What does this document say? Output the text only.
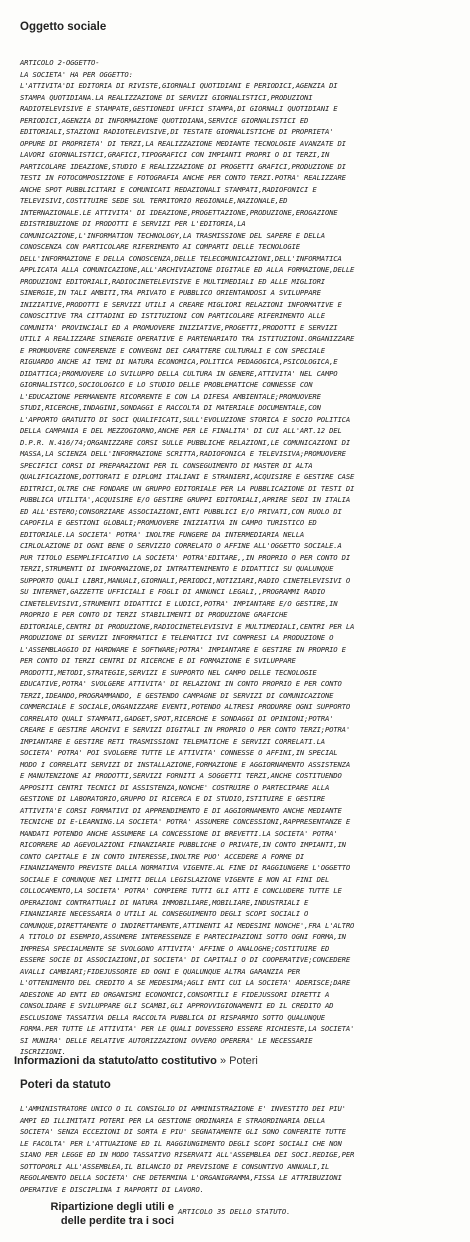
Oggetto sociale

ARTICOLO 2-OGGETTO-
LA SOCIETA' HA PER OGGETTO:
L'ATTIVITA'DI EDITORIA DI RIVISTE,GIORNALI QUOTIDIANI E PERIODICI,AGENZIA DI
STAMPA QUOTIDIANA.LA REALIZZAZIONE DI SERVIZI GIORNALISTICI,PRODUZIONI
RADIOTELEVISIVE E STAMPATE,GESTIONEDI UFFICI STAMPA,DI GIORNALI QUOTIDIANI E
PERIODICI,AGENZIA DI INFORMAZIONE QUOTIDIANA,SERVICE GIORNALISTICI ED
EDITORIALI,STAZIONI RADIOTELEVISIVE,DI TESTATE GIORNALISTICHE DI PROPRIETA'
OPPURE DI PROPRIETA' DI TERZI,LA REALIZZAZIONE MEDIANTE TECNOLOGIE AVANZATE DI
LAVORI GIORNALISTICI,GRAFICI,TIPOGRAFICI CON IMPIANTI PROPRI O DI TERZI,IN
PARTICOLARE IDEAZIONE,STUDIO E REALIZZAZIONE DI PROGETTI GRAFICI,PRODUZIONE DI
TESTI IN FOTOCOMPOSIZIONE E FOTOGRAFIA ANCHE PER CONTO TERZI.POTRA' REALIZZARE
ANCHE SPOT PUBBLICITARI E COMUNICATI REDAZIONALI STAMPATI,RADIOFONICI E
TELEVISIVI,COSTITUIRE SEDE SUL TERRITORIO REGIONALE,NAZIONALE,ED
INTERNAZIONALE.LE ATTIVITA' DI IDEAZIONE,PROGETTAZIONE,PRODUZIONE,EROGAZIONE
EDISTRIBUZIONE DI PRODOTTI E SERVIZI PER L'EDITORIA,LA
COMUNICAZIONE,L'INFORMATION TECHNOLOGY,LA TRASMISSIONE DEL SAPERE E DELLA
CONOSCENZA CON PARTICOLARE RIFERIMENTO AI COMPARTI DELLE TECNOLOGIE
DELL'INFORMAZIONE E DELLA CONOSCENZA,DELLE TELECOMUNICAZIONI,DELL'INFORMATICA
APPLICATA ALLA COMUNICAZIONE,ALL'ARCHIVIAZIONE DIGITALE ED ALLA FORMAZIONE,DELLE
PRODUZIONI EDITORIALI,RADIOCINETELEVISIVE E MULTIMEDIALI ED ALLE MIGLIORI
SINERGIE,IN TALI AMBITI,TRA PRIVATO E PUBBLICO ORIENTANDOSI A SVILUPPARE
INIZIATIVE,PRODOTTI E SERVIZI UTILI A CREARE MIGLIORI RELAZIONI INFORMATIVE E
CONOSCITIVE TRA CITTADINI ED ISTITUZIONI CON PARTICOLARE RIFERIMENTO ALLE
COMUNITA' PROVINCIALI ED A PROMUOVERE INIZIATIVE,PROGETTI,PRODOTTI E SERVIZI
UTILI A REALIZZARE SINERGIE OPERATIVE E PARTENARIATO TRA ISTITUZIONI.ORGANIZZARE
E PROMUOVERE CONFERENZE E CONVEGNI DEI CARATTERE CULTURALI E CON SPECIALE
RIGUARDO ANCHE AI TEMI DI NATURA ECONOMICA,POLITICA PEDAGOGICA,PSICOLOGICA,E
DIDATTICA;PROMUOVERE LO SVILUPPO DELLA CULTURA IN GENERE,ATTIVITA' NEL CAMPO
GIORNALISTICO,SOCIOLOGICO E LO STUDIO DELLE PROBLEMATICHE CONNESSE CON
L'EDUCAZIONE PERMANENTE RICORRENTE E CON LA DIFESA AMBIENTALE;PROMUOVERE
STUDI,RICERCHE,INDAGINI,SONDAGGI E RACCOLTA DI MATERIALE DOCUMENTALE,CON
L'APPORTO GRATUITO DI SOCI QUALIFICATI,SULL'EVOLUZIONE STORICA E SOCIO POLITICA
DELLA CAMPANIA E DEL MEZZOGIORNO,ANCHE PER LE FINALITA' DI CUI ALL'ART.12 DEL
D.P.R. N.416/74;ORGANIZZARE CORSI SULLE PUBBLICHE RELAZIONI,LE COMUNICAZIONI DI
MASSA,LA SCIENZA DELL'INFORMAZIONE SCRITTA,RADIOFONICA E TELEVISIVA;PROMUOVERE
SPECIFICI CORSI DI PREPARAZIONI PER IL CONSEGUIMENTO DI MASTER DI ALTA
QUALIFICAZIONE,DOTTORATI E DIPLOMI ITALIANI E STRANIERI,ACQUISIRE E GESTIRE CASE
EDITRICI,OLTRE CHE FONDARE UN GRUPPO EDITORIALE PER LA PUBBLICAZIONE DI TESTI DI
PUBBLICA UTILITA',ACQUISIRE E/O GESTIRE GRUPPI EDITORIALI,APRIRE SEDI IN ITALIA
ED ALL'ESTERO;CONSORZIARE ASSOCIAZIONI,ENTI PUBBLICI E/O PRIVATI,CON RUOLO DI
CAPOFILA E GESTIONI GLOBALI;PROMUOVERE INIZIATIVA IN CAMPO TURISTICO ED
EDITORIALE.LA SOCIETA' POTRA' INOLTRE FUNGERE DA INTERMEDIARIA NELLA
CIRLOLAZIONE DI OGNI BENE O SERVIZIO CORRELATO O AFFINE ALL'OGGETTO SOCIALE.A
PUR TITOLO ESEMPLIFICATIVO LA SOCIETA' POTRA'EDITARE,,IN PROPRIO O PER CONTO DI
TERZI,STRUMENTI DI INFORMAZIONE,DI INTRATTENIMENTO E DIDATTICI SU QUALUNQUE
SUPPORTO QUALI LIBRI,MANUALI,GIORNALI,PERIODCI,NOTIZIARI,RADIO CINETELEVISIVI O
SU INTERNET,GAZZETTE UFFICIALI E FOGLI DI ANNUNCI LEGALI,,PROGRAMMI RADIO
CINETELEVISIVI,STRUMENTI DIDATTICI E LUDICI,POTRA' IMPIANTARE E/O GESTIRE,IN
PROPRIO E PER CONTO DI TERZI STABILIMENTI DI PRODUZIONE GRAFICHE
EDITORIALE,CENTRI DI PRODUZIONE,RADIOCINETELEVISIVI E MULTIMEDIALI,CENTRI PER LA
PRODUZIONE DI SERVIZI INFORMATICI E TELEMATICI IVI COMPRESI LA PRODUZIONE O
L'ASSEMBLAGGIO DI HARDWARE E SOFTWARE;POTRA' IMPIANTARE E GESTIRE IN PROPRIO E
PER CONTO DI TERZI CENTRI DI RICERCHE E DI FORMAZIONE E SVILUPPARE
PRODOTTI,METODI,STRATEGIE,SERVIZI E SUPPORTO NEL CAMPO DELLE TECNOLOGIE
EDUCATIVE,POTRA' SVOLGERE ATTIVITA' DI RELAZIONI IN CONTO PROPRIO E PER CONTO
TERZI,IDEANDO,PROGRAMMANDO, E GESTENDO CAMPAGNE DI SERVIZI DI COMUNICAZIONE
COMMERCIALE E SOCIALE,ORGANIZZARE EVENTI,POTENDO ALTRESI PRODURRE OGNI SUPPORTO
CORRELATO QUALI STAMPATI,GADGET,SPOT,RICERCHE E SONDAGGI DI OPINIONI;POTRA'
CREARE E GESTIRE ARCHIVI E SERVIZI DIGITALI IN PROPRIO O PER CONTO TERZI;POTRA'
IMPIANTARE E GESTIRE RETI TRASMISSIONI TELEMATICHE E SERVIZI CORRELATI.LA
SOCIETA' POTRA' POI SVOLGERE TUTTE LE ATTIVITA' CONNESSE O AFFINI,IN SPECIAL
MODO I CORRELATI SERVIZI DI INSTALLAZIONE,FORMAZIONE E AGGIORNAMENTO ASSISTENZA
E MANUTENZIONE AI PRODOTTI,SERVIZI FORNITI A SOGGETTI TERZI,ANCHE COSTITUENDO
APPOSITI CENTRI TECNICI DI ASSISTENZA,NONCHE' COSTRUIRE O PARTECIPARE ALLA
GESTIONE DI LABORATORIO,GRUPPO DI RICERCA E DI STUDIO,ISTITUIRE E GESTIRE
ATTIVITA'E CORSI FORMATIVI DI APPRENDIMENTO E DI AGGIORNAMENTO ANCHE MEDIANTE
TECNICHE DI E-LEARNING.LA SOCIETA' POTRA' ASSUMERE CONCESSIONI,RAPPRESENTANZE E
MANDATI POTENDO ANCHE ASSUMERE LA CONCESSIONE DI BREVETTI.LA SOCIETA' POTRA'
RICORRERE AD AGEVOLAZIONI FINANZIARIE PUBBLICHE O PRIVATE,IN CONTO IMPIANTI,IN
CONTO CAPITALE E IN CONTO INTERESSE,INOLTRE PUO' ACCEDERE A FORME DI
FINANZIAMENTO PREVISTE DALLA NORMATIVA VIGENTE.AL FINE DI RAGGIUNGERE L'OGGETTO
SOCIALE E COMUNQUE NEI LIMITI DELLA LEGISLAZIONE VIGENTE E NON AI FINI DEL
COLLOCAMENTO,LA SOCIETA' POTRA' COMPIERE TUTTI GLI ATTI E CONCLUDERE TUTTE LE
OPERAZIONI CONTRATTUALI DI NATURA IMMOBILIARE,MOBILIARE,INDUSTRIALI E
FINANZIARIE NECESSARIA O UTILI AL CONSEGUIMENTO DEGLI SCOPI SOCIALI O
COMUNQUE,DIRETTAMENTE O INDIRETTAMENTE,ATTINENTI AI MEDESIMI NONCHE',FRA L'ALTRO
A TITOLO DI ESEMPIO,ASSUMERE INTERESSENZE E PARTECIPAZIONI SOTTO OGNI FORMA,IN
IMPRESA SPECIALMENTE SE SVOLGONO ATTIVITA' AFFINE O ANALOGHE;COSTITUIRE ED
ESSERE SOCIE DI ASSOCIAZIONI,DI SOCIETA' DI CAPITALI O DI COOPERATIVE;CONCEDERE
AVALLI CAMBIARI;FIDEJUSSORIE ED OGNI E QUALUNQUE ALTRA GARANZIA PER
L'OTTENIMENTO DEL CREDITO A SE MEDESIMA;AGLI ENTI CUI LA SOCIETA' ADERISCE;DARE
ADESIONE AD ENTI ED ORGANISMI ECONOMICI,CONSORTILI E FIDEJUSSORI DIRETTI A
CONSOLIDARE E SVILUPPARE GLI SCAMBI,GLI APPROVVIGIONAMENTI ED IL CREDITO AD
ESCLUSIONE TASSATIVA DELLA RACCOLTA PUBBLICA DI RISPARMIO SOTTO QUALUNQUE
FORMA.PER TUTTE LE ATTIVITA' PER LE QUALI DOVESSERO ESSERE RICHIESTE,LA SOCIETA'
SI MUNIRA' DELLE RELATIVE AUTORIZZAZIONI OVVERO OPERERA' LE NECESSARIE
ISCRIZIONI.

Informazioni da statuto/atto costitutivo » Poteri
Poteri da statuto

L'AMMINISTRATORE UNICO O IL CONSIGLIO DI AMMINISTRAZIONE E' INVESTITO DEI PIU'
AMPI ED ILLIMITATI POTERI PER LA GESTIONE ORDINARIA E STRAORDINARIA DELLA
SOCIETA' SENZA ECCEZIONI DI SORTA E PIU' SEGNATAMENTE GLI SONO CONFERITE TUTTE
LE FACOLTA' PER L'ATTUAZIONE ED IL RAGGIUNGIMENTO DEGLI SCOPI SOCIALI CHE NON
SIANO PER LEGGE ED IN MODO TASSATIVO RISERVATI ALL'ASSEMBLEA DEI SOCI.REDIGE,PER
SOTTOPORLI ALL'ASSEMBLEA,IL BILANCIO DI PREVISIONE E CONSUNTIVO ANNUALI,IL
REGOLAMENTO DELLA SOCIETA' CHE DETERMINA L'ORGANIGRAMMA,FISSA LE ATTRIBUZIONI
OPERATIVE E DISCIPLINA I RAPPORTI DI LAVORO.

Ripartizione degli utili e
delle perdite tra i soci
ARTICOLO 35 DELLO STATUTO.
